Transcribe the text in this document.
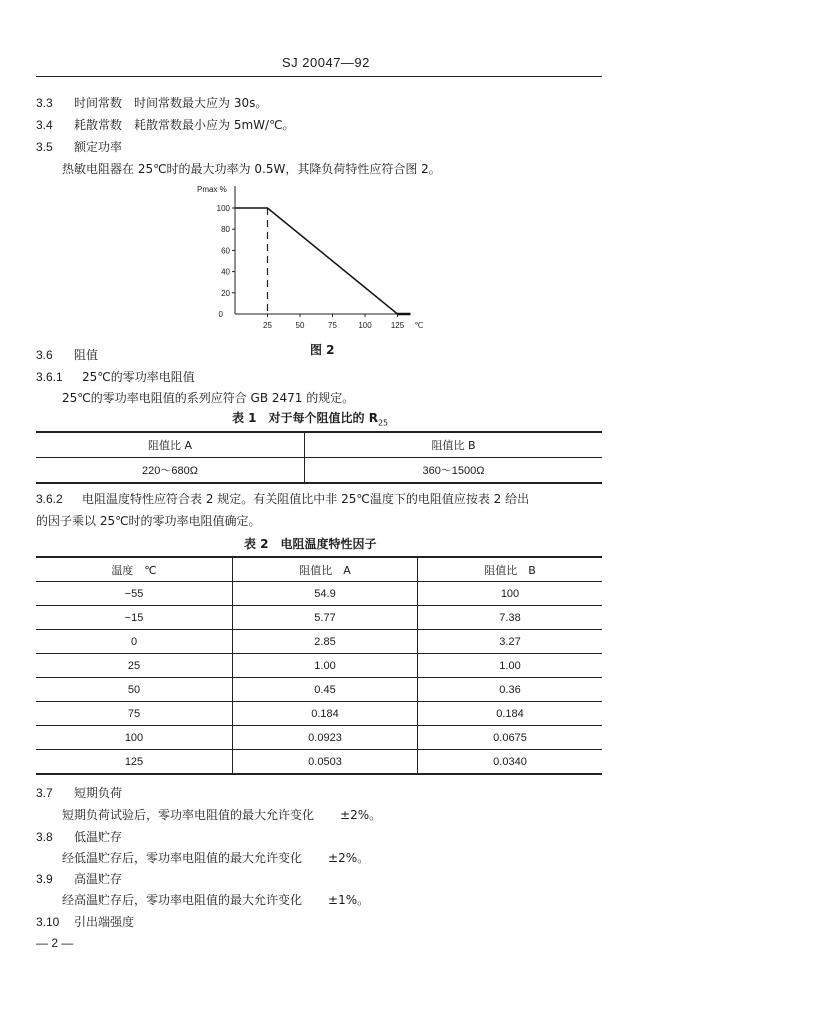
SJ 20047—92
3.3 时间常数　 时间常数最大应为 30s。
3.4 耗散常数　 耗散常数最小应为 5mW/℃。
3.5 额定功率
热敏电阻器在 25℃时的最大功率为 0.5W，其降负荷特性应符合图 2。
20
40
60
80
100
0
25	50	75	100 125
Pmax %
℃
图 2
3.6 阻值
3.6.1 25℃的零功率电阻值
25℃的零功率电阻值的系列应符合 GB 2471 的规定。
表 1　对于每个阻值比的 $R_{25}$
阻值比 A	阻值比 B
220～680Ω	360～1500Ω
3.6.2 电阻温度特性应符合表 2 规定。有关阻值比中非 25℃温度下的电阻值应按表 2 给出
的因子乘以 25℃时的零功率电阻值确定。
表 2　电阻温度特性因子
温度　℃	阻值比　A	阻值比　B
−55	54.9	100
−15	5.77	7.38
0	2.85	3.27
25	1.00	1.00
50	0.45	0.36
75	0.184	0.184
100	0.0923	0.0675
125	0.0503	0.0340
3.7 短期负荷
短期负荷试验后，零功率电阻值的最大允许变化 ±2%。
3.8 低温贮存
经低温贮存后，零功率电阻值的最大允许变化 ±2%。
3.9 高温贮存
经高温贮存后，零功率电阻值的最大允许变化 ±1%。
3.10 引出端强度
— 2 —
